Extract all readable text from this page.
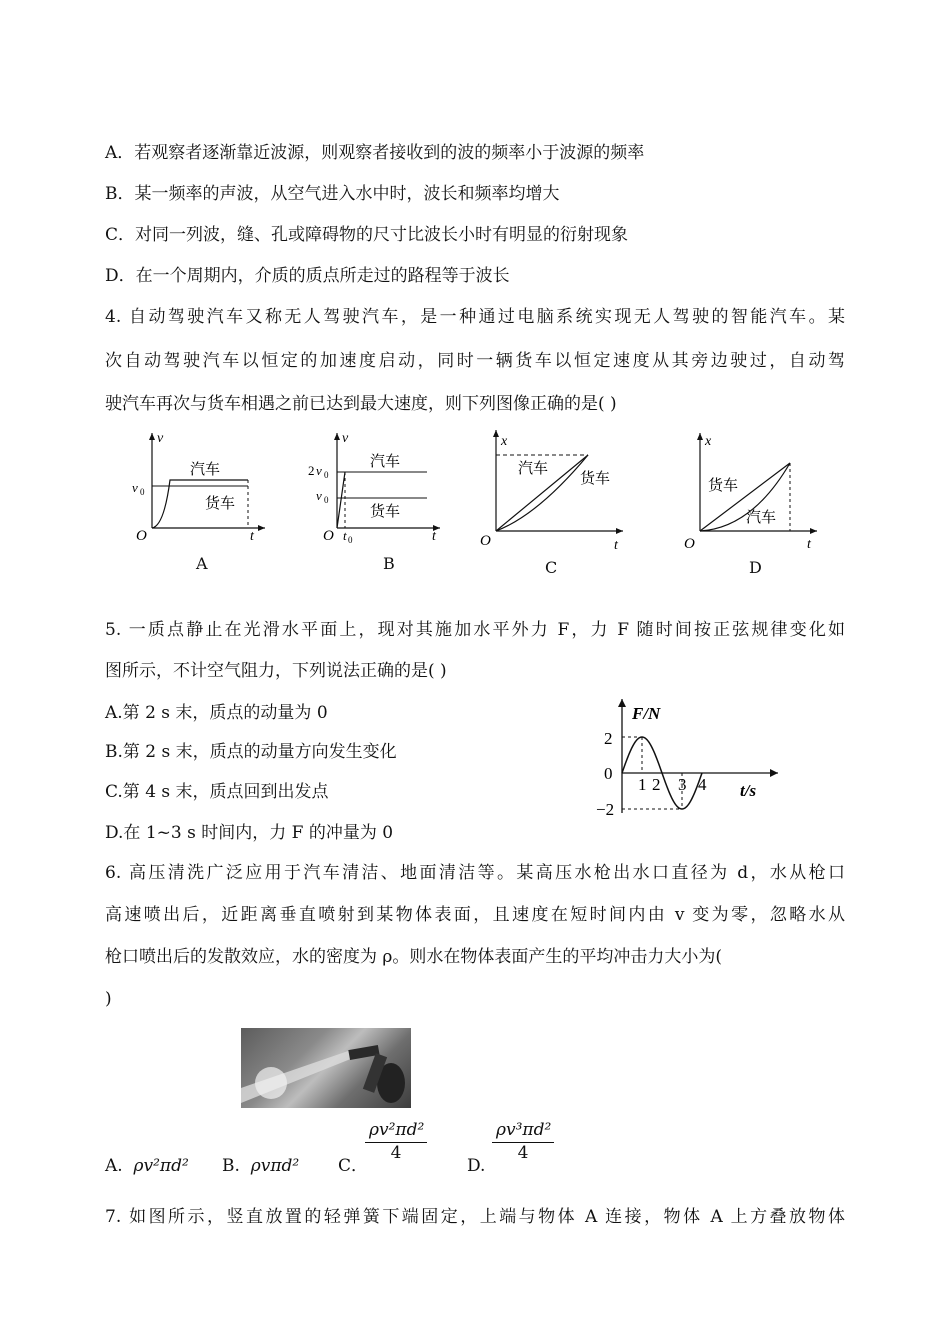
A．若观察者逐渐靠近波源，则观察者接收到的波的频率小于波源的频率
B．某一频率的声波，从空气进入水中时，波长和频率均增大
C．对同一列波，缝、孔或障碍物的尺寸比波长小时有明显的衍射现象
D．在一个周期内，介质的质点所走过的路程等于波长
4. 自动驾驶汽车又称无人驾驶汽车，是一种通过电脑系统实现无人驾驶的智能汽车。某
次自动驾驶汽车以恒定的加速度启动，同时一辆货车以恒定速度从其旁边驶过，自动驾
驶汽车再次与货车相遇之前已达到最大速度，则下列图像正确的是( )
v
t
O
v 0
汽车
货车
A
v
t
O
2 v 0
v 0
t 0
汽车
货车
B
x
t
O
汽车
货车
C
x
t
O
货车
汽车
D
5. 一质点静止在光滑水平面上，现对其施加水平外力 F，力 F 随时间按正弦规律变化如
图所示，不计空气阻力，下列说法正确的是( )
A.第 2 s 末，质点的动量为 0
B.第 2 s 末，质点的动量方向发生变化
C.第 4 s 末，质点回到出发点
D.在 1~3 s 时间内，力 F 的冲量为 0
F/N
t/s
2
0
−2
1 2 3 4
6. 高压清洗广泛应用于汽车清洁、地面清洁等。某高压水枪出水口直径为 d，水从枪口
高速喷出后，近距离垂直喷射到某物体表面，且速度在短时间内由 v 变为零，忽略水从
枪口喷出后的发散效应，水的密度为 ρ。则水在物体表面产生的平均冲击力大小为(
)
A. ρv²πd² B. ρvπd² C．
ρv²πd²
4
D.
ρv³πd²
4
7. 如图所示，竖直放置的轻弹簧下端固定，上端与物体 A 连接，物体 A 上方叠放物体
